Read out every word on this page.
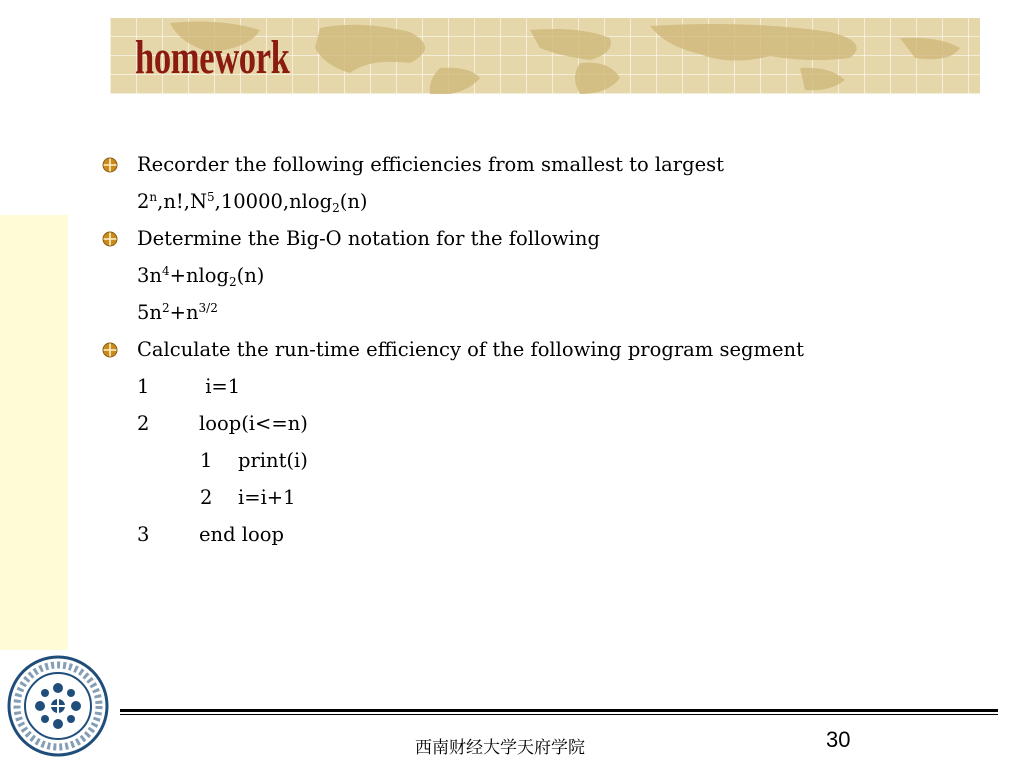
homework
Recorder the following efficiencies from smallest to largest
$2^n,n!,N^5,10000,nlog_2(n)$
Determine the Big-O notation for the following
$3n^4+nlog_2(n)$
$5n^2+n^{3/2}$
Calculate the run-time efficiency of the following program segment
1	i=1
2	loop(i<=n)
1 print(i)
2 i=i+1
3	end loop
西南财经大学天府学院	30
